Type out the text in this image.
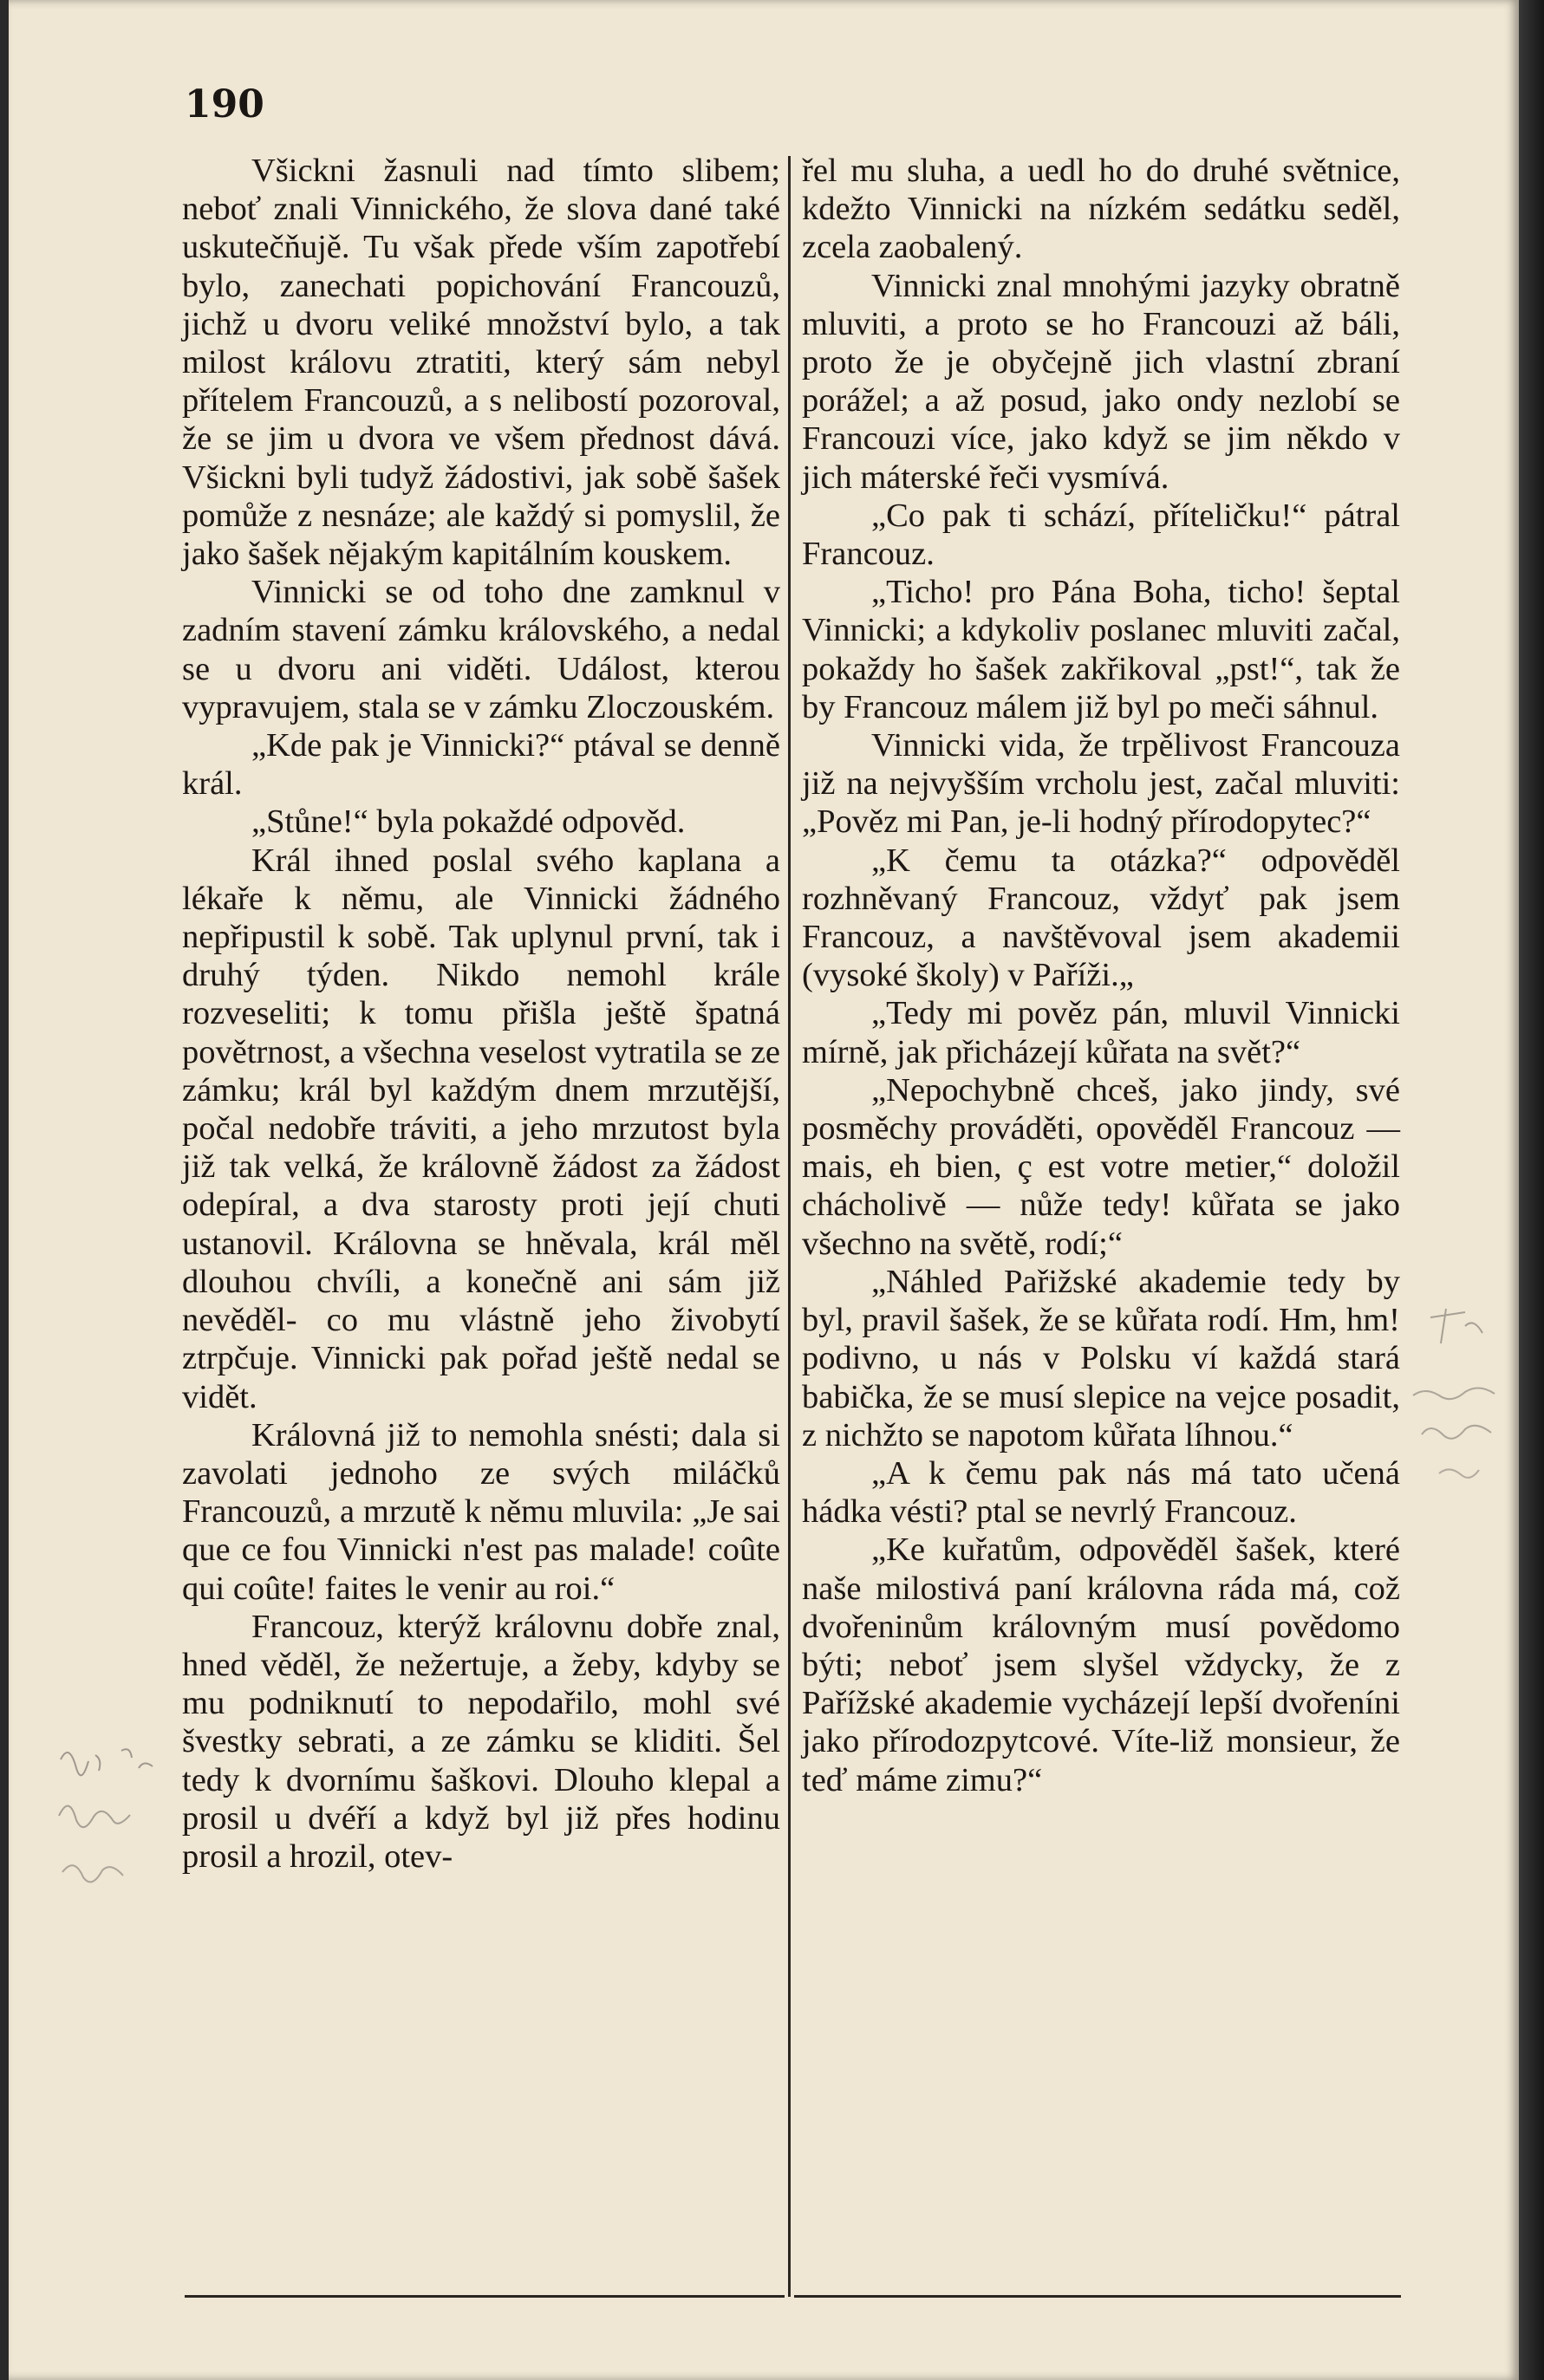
190

Všickni žasnuli nad tímto slibem; neboť znali Vinnického, že slova dané také uskutečňujě. Tu však přede vším zapotřebí bylo, zanechati popichování Francouzů, jichž u dvoru veliké množství bylo, a tak milost královu ztratiti, který sám nebyl přítelem Francouzů, a s nelibostí pozoroval, že se jim u dvora ve všem přednost dává. Všickni byli tudyž žádostivi, jak sobě šašek pomůže z nesnáze; ale každý si pomyslil, že jako šašek nějakým kapitálním kouskem.

Vinnicki se od toho dne zamknul v zadním stavení zámku královského, a nedal se u dvoru ani viděti. Událost, kterou vypravujem, stala se v zámku Zloczouském.

„Kde pak je Vinnicki?“ ptával se denně král.

„Stůne!“ byla pokaždé odpověd.

Král ihned poslal svého kaplana a lékaře k němu, ale Vinnicki žádného nepřipustil k sobě. Tak uplynul první, tak i druhý týden. Nikdo nemohl krále rozveseliti; k tomu přišla ještě špatná povětrnost, a všechna veselost vytratila se ze zámku; král byl každým dnem mrzutější, počal nedobře tráviti, a jeho mrzutost byla již tak velká, že královně žádost za žádost odepíral, a dva starosty proti její chuti ustanovil. Královna se hněvala, král měl dlouhou chvíli, a konečně ani sám již nevěděl- co mu vlástně jeho živobytí ztrpčuje. Vinnicki pak pořad ještě nedal se vidět.

Královná již to nemohla snésti; dala si zavolati jednoho ze svých miláčků Francouzů, a mrzutě k němu mluvila: „Je sai que ce fou Vinnicki n'est pas malade! coûte qui coûte! faites le venir au roi.“

Francouz, kterýž královnu dobře znal, hned věděl, že nežertuje, a žeby, kdyby se mu podniknutí to nepodařilo, mohl své švestky sebrati, a ze zámku se kliditi. Šel tedy k dvornímu šaškovi. Dlouho klepal a prosil u dvéří a když byl již přes hodinu prosil a hrozil, otev-

řel mu sluha, a uedl ho do druhé světnice, kdežto Vinnicki na nízkém sedátku seděl, zcela zaobalený.

Vinnicki znal mnohými jazyky obratně mluviti, a proto se ho Francouzi až báli, proto že je obyčejně jich vlastní zbraní porážel; a až posud, jako ondy nezlobí se Francouzi více, jako když se jim někdo v jich máterské řeči vysmívá.

„Co pak ti schází, příteličku!“ pátral Francouz.

„Ticho! pro Pána Boha, ticho! šeptal Vinnicki; a kdykoliv poslanec mluviti začal, pokaždy ho šašek zakřikoval „pst!“, tak že by Francouz málem již byl po meči sáhnul.

Vinnicki vida, že trpělivost Francouza již na nejvyšším vrcholu jest, začal mluviti: „Pověz mi Pan, je-li hodný přírodopytec?“

„K čemu ta otázka?“ odpověděl rozhněvaný Francouz, vždyť pak jsem Francouz, a navštěvoval jsem akademii (vysoké školy) v Paříži.„

„Tedy mi pověz pán, mluvil Vinnicki mírně, jak přicházejí kůřata na svět?“

„Nepochybně chceš, jako jindy, své posměchy prováděti, opověděl Francouz — mais, eh bien, ç est votre metier,“ doložil chácholivě — nůže tedy! kůřata se jako všechno na světě, rodí;“

„Náhled Pařižské akademie tedy by byl, pravil šašek, že se kůřata rodí. Hm, hm! podivno, u nás v Polsku ví každá stará babička, že se musí slepice na vejce posadit, z nichžto se napotom kůřata líhnou.“

„A k čemu pak nás má tato učená hádka vésti? ptal se nevrlý Francouz.

„Ke kuřatům, odpověděl šašek, které naše milostivá paní královna ráda má, což dvořeninům královným musí povědomo býti; neboť jsem slyšel vždycky, že z Pařížské akademie vycházejí lepší dvořeníni jako přírodozpytcové. Víte-liž monsieur, že teď máme zimu?“
